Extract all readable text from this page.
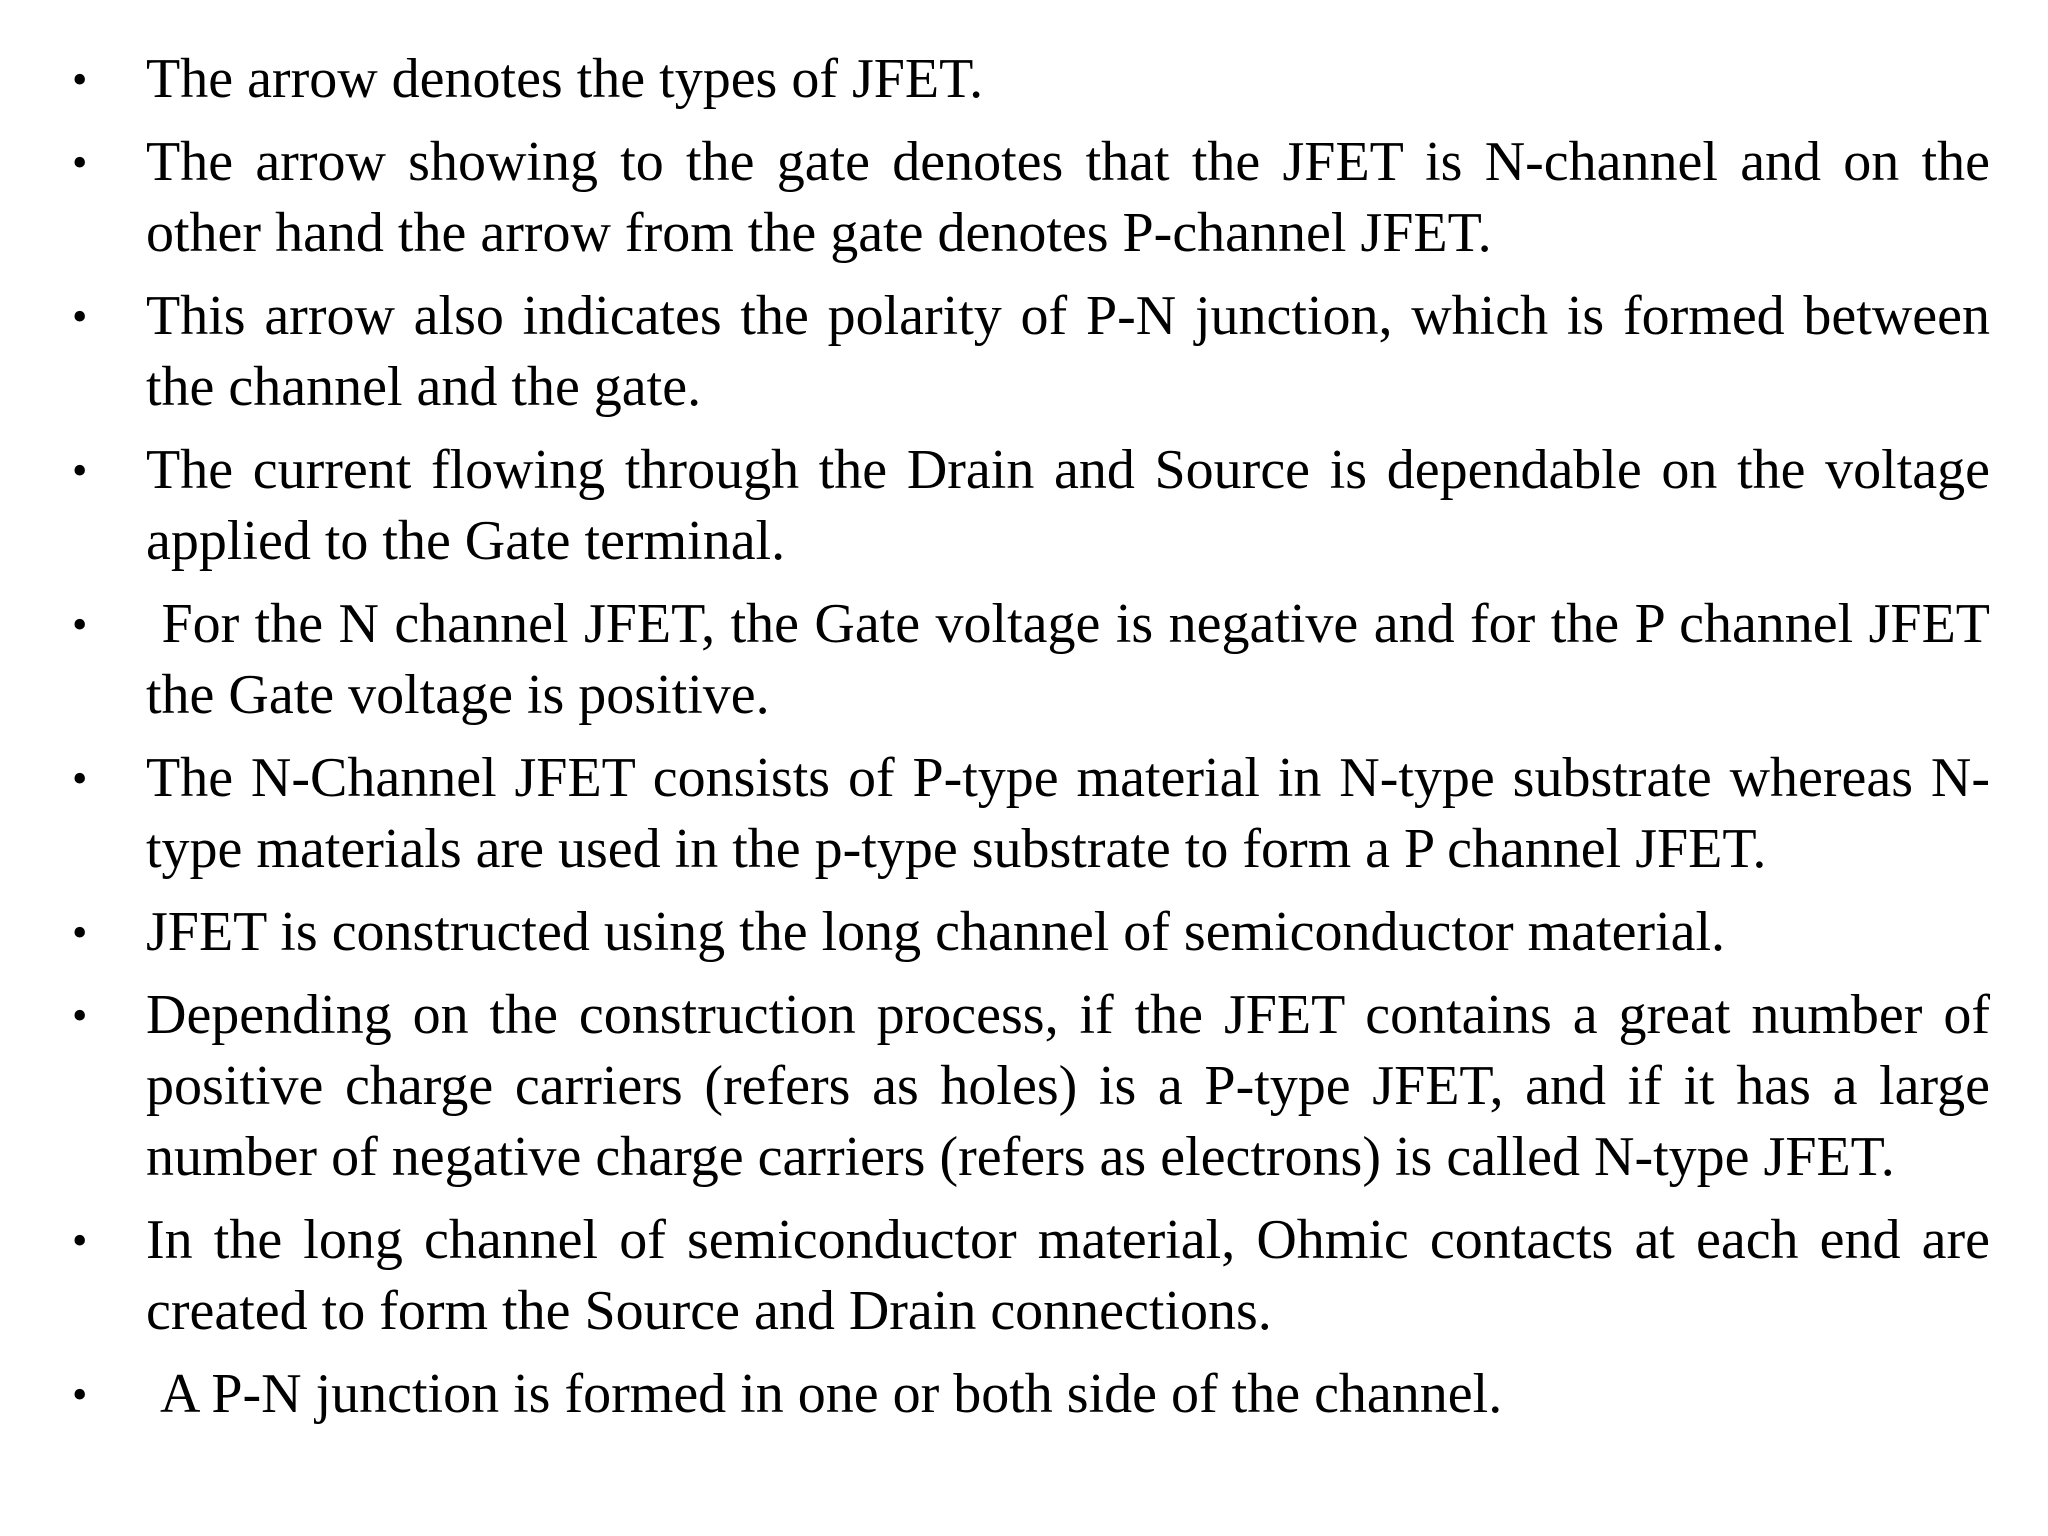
•	The arrow denotes the types of JFET.
•	The arrow showing to the gate denotes that the JFET is N-channel and on the other hand the arrow from the gate denotes P-channel JFET.
•	This arrow also indicates the polarity of P-N junction, which is formed between the channel and the gate.
•	The current flowing through the Drain and Source is dependable on the voltage applied to the Gate terminal.
•	For the N channel JFET, the Gate voltage is negative and for the P channel JFET the Gate voltage is positive.
•	The N-Channel JFET consists of P-type material in N-type substrate whereas N-type materials are used in the p-type substrate to form a P channel JFET.
•	JFET is constructed using the long channel of semiconductor material.
•	Depending on the construction process, if the JFET contains a great number of positive charge carriers (refers as holes) is a P-type JFET, and if it has a large number of negative charge carriers (refers as electrons) is called N-type JFET.
•	In the long channel of semiconductor material, Ohmic contacts at each end are created to form the Source and Drain connections.
•	A P-N junction is formed in one or both side of the channel.
